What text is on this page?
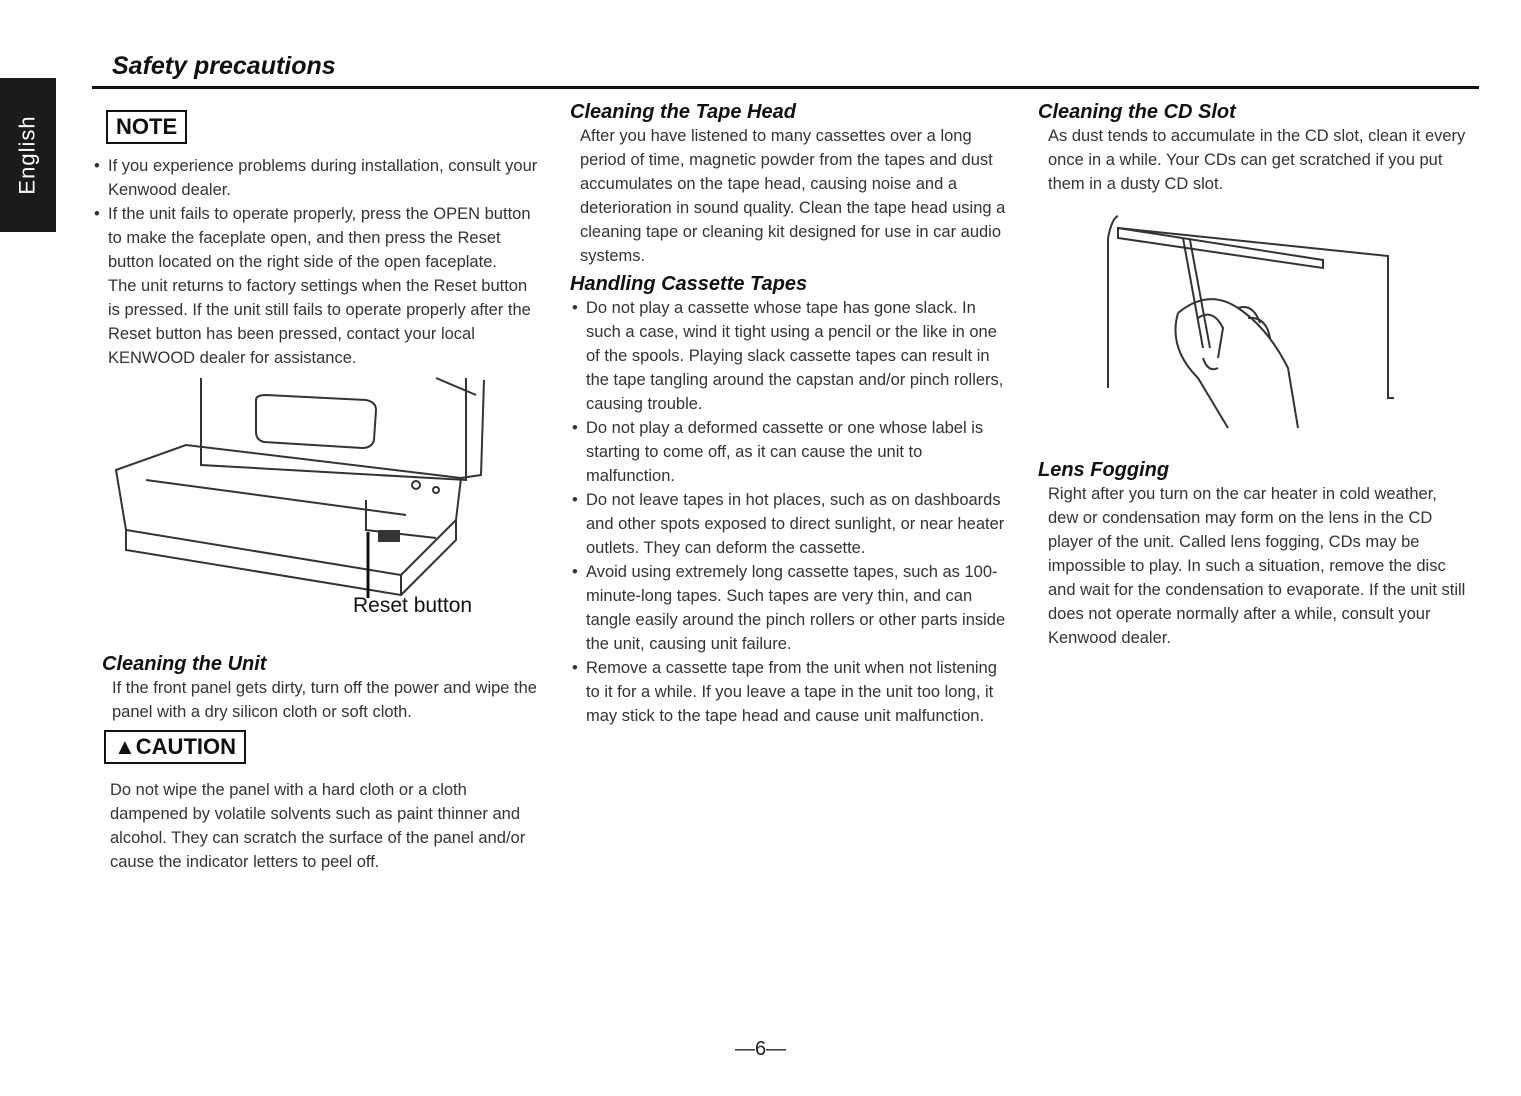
English
Safety precautions
NOTE
• If you experience problems during installation, consult your Kenwood dealer.
• If the unit fails to operate properly, press the OPEN button to make the faceplate open, and then press the Reset button located on the right side of the open faceplate.
The unit returns to factory settings when the Reset button is pressed. If the unit still fails to operate properly after the Reset button has been pressed, contact your local KENWOOD dealer for assistance.
Reset button
Cleaning the Unit

If the front panel gets dirty, turn off the power and wipe the panel with a dry silicon cloth or soft cloth.

▲CAUTION

Do not wipe the panel with a hard cloth or a cloth dampened by volatile solvents such as paint thinner and alcohol. They can scratch the surface of the panel and/or cause the indicator letters to peel off.

Cleaning the Tape Head

After you have listened to many cassettes over a long period of time, magnetic powder from the tapes and dust accumulates on the tape head, causing noise and a deterioration in sound quality. Clean the tape head using a cleaning tape or cleaning kit designed for use in car audio systems.

Handling Cassette Tapes
• Do not play a cassette whose tape has gone slack. In such a case, wind it tight using a pencil or the like in one of the spools. Playing slack cassette tapes can result in the tape tangling around the capstan and/or pinch rollers, causing trouble.
• Do not play a deformed cassette or one whose label is starting to come off, as it can cause the unit to malfunction.
• Do not leave tapes in hot places, such as on dashboards and other spots exposed to direct sunlight, or near heater outlets. They can deform the cassette.
• Avoid using extremely long cassette tapes, such as 100-minute-long tapes. Such tapes are very thin, and can tangle easily around the pinch rollers or other parts inside the unit, causing unit failure.
• Remove a cassette tape from the unit when not listening to it for a while. If you leave a tape in the unit too long, it may stick to the tape head and cause unit malfunction.
Cleaning the CD Slot

As dust tends to accumulate in the CD slot, clean it every once in a while. Your CDs can get scratched if you put them in a dusty CD slot.

Lens Fogging

Right after you turn on the car heater in cold weather, dew or condensation may form on the lens in the CD player of the unit. Called lens fogging, CDs may be impossible to play. In such a situation, remove the disc and wait for the condensation to evaporate. If the unit still does not operate normally after a while, consult your Kenwood dealer.

—6—
